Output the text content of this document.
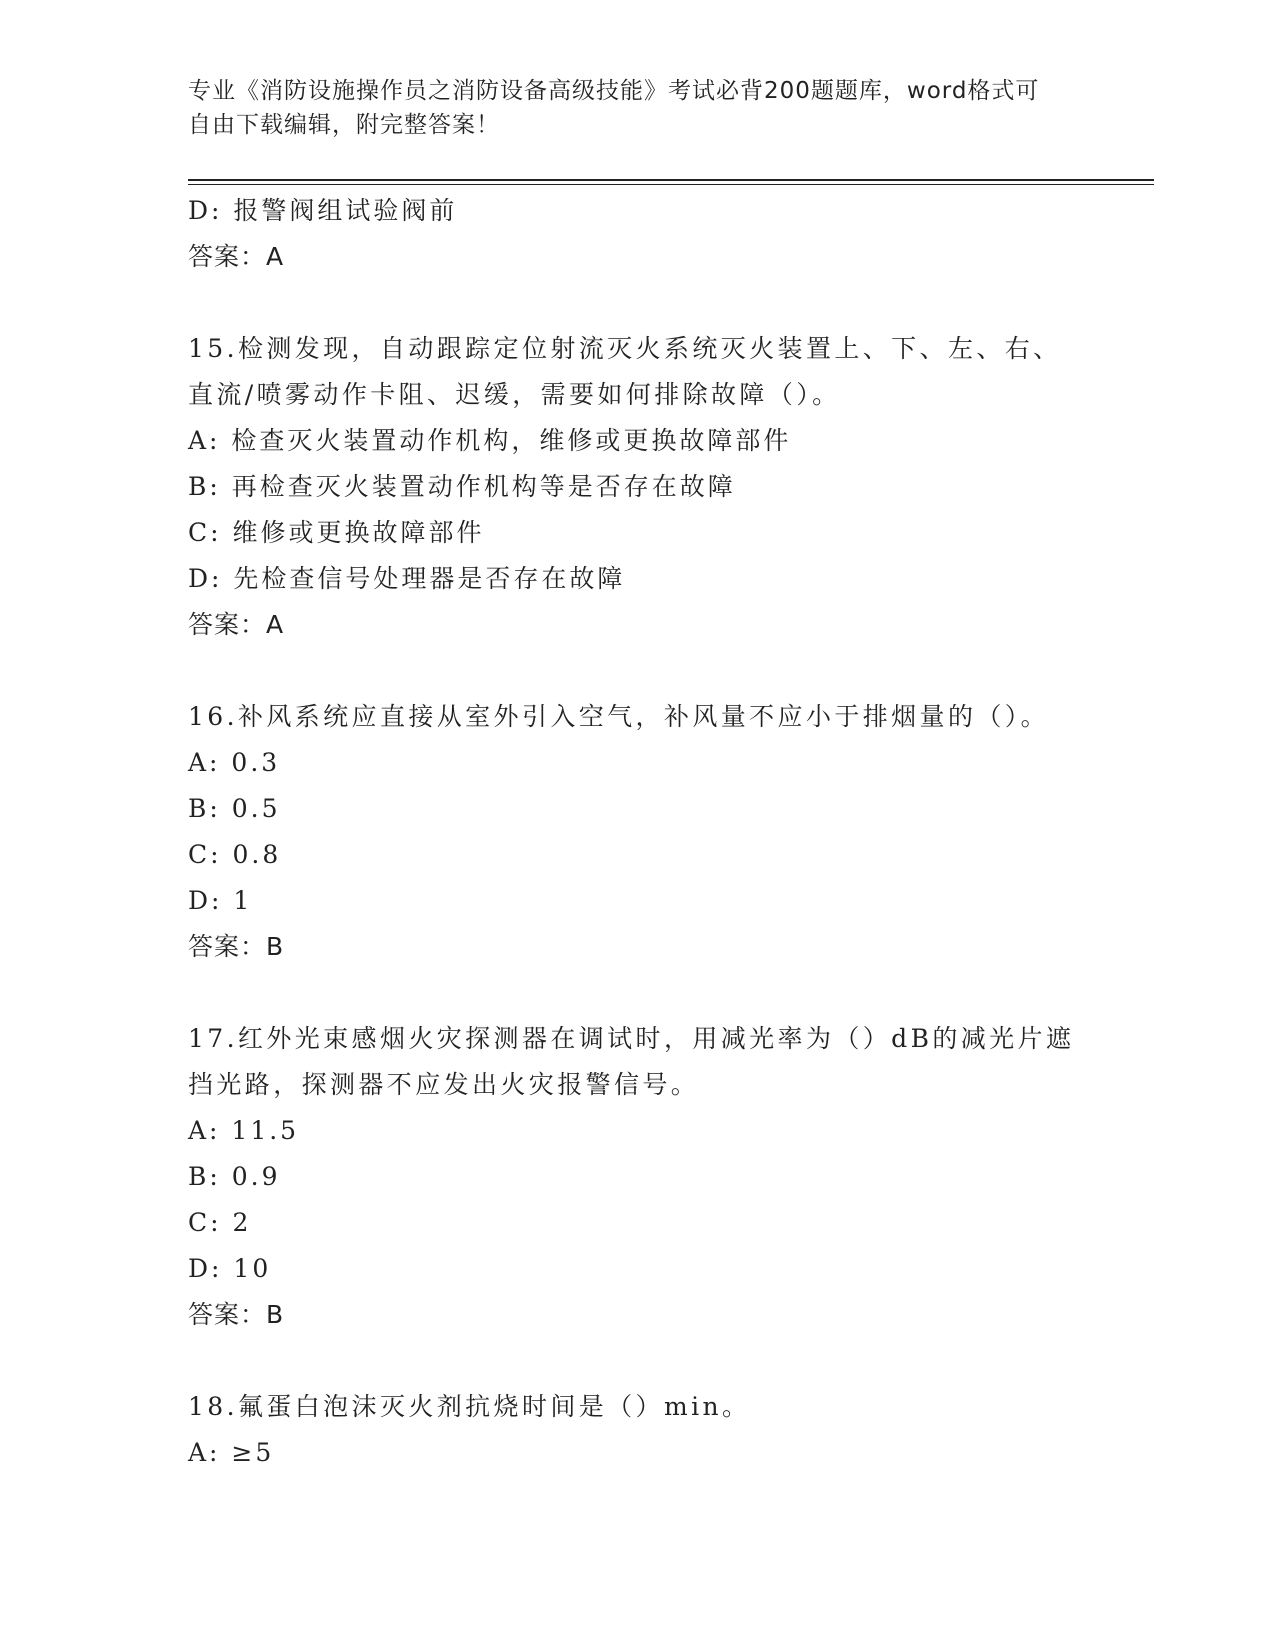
专业《消防设施操作员之消防设备高级技能》考试必背200题题库，word格式可
自由下载编辑，附完整答案！
D: 报警阀组试验阀前
答案：A
15.检测发现，自动跟踪定位射流灭火系统灭火装置上、下、左、右、
直流/喷雾动作卡阻、迟缓，需要如何排除故障（）。
A: 检查灭火装置动作机构，维修或更换故障部件
B: 再检查灭火装置动作机构等是否存在故障
C: 维修或更换故障部件
D: 先检查信号处理器是否存在故障
答案：A
16.补风系统应直接从室外引入空气，补风量不应小于排烟量的（）。
A: 0.3
B: 0.5
C: 0.8
D: 1
答案：B
17.红外光束感烟火灾探测器在调试时，用减光率为（）dB的减光片遮
挡光路，探测器不应发出火灾报警信号。
A: 11.5
B: 0.9
C: 2
D: 10
答案：B
18.氟蛋白泡沫灭火剂抗烧时间是（）min。
A: ≥5
